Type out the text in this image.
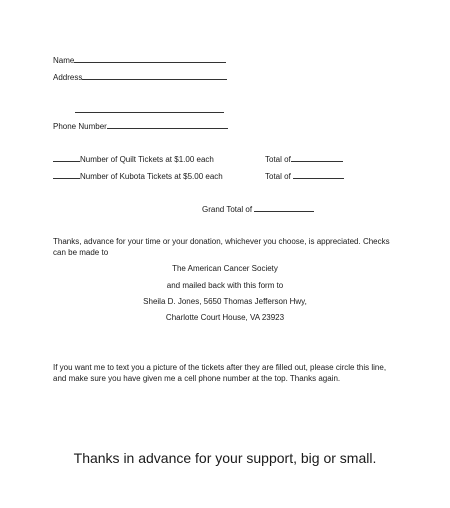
Name
Address
Phone Number
Number of Quilt Tickets at $1.00 each	Total of
Number of Kubota Tickets at $5.00 each	Total of
Grand Total of
Thanks, advance for your time or your donation, whichever you choose, is appreciated. Checks can be made to
The American Cancer Society
and mailed back with this form to
Sheila D. Jones, 5650 Thomas Jefferson Hwy,
Charlotte Court House, VA 23923
If you want me to text you a picture of the tickets after they are filled out, please circle this line, and make sure you have given me a cell phone number at the top. Thanks again.
Thanks in advance for your support, big or small.
